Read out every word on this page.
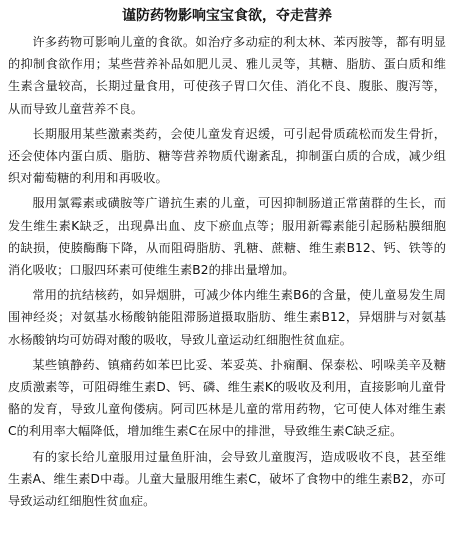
谨防药物影响宝宝食欲，夺走营养

许多药物可影响儿童的食欲。如治疗多动症的利太林、苯丙胺等，都有明显的抑制食欲作用；某些营养补品如肥儿灵、雅儿灵等，其糖、脂肪、蛋白质和维生素含量较高，长期过量食用，可使孩子胃口欠佳、消化不良、腹胀、腹泻等，从而导致儿童营养不良。

长期服用某些激素类药，会使儿童发育迟缓，可引起骨质疏松而发生骨折，还会使体内蛋白质、脂肪、糖等营养物质代谢紊乱，抑制蛋白质的合成，减少组织对葡萄糖的利用和再吸收。

服用氯霉素或磺胺等广谱抗生素的儿童，可因抑制肠道正常菌群的生长，而发生维生素K缺乏，出现鼻出血、皮下瘀血点等；服用新霉素能引起肠粘膜细胞的缺损，使腠酶酶下降，从而阻碍脂肪、乳糖、蔗糖、维生素B12、钙、铁等的消化吸收；口服四环素可使维生素B2的排出量增加。

常用的抗结核药，如异烟肼，可减少体内维生素B6的含量，使儿童易发生周围神经炎；对氨基水杨酸钠能阻滞肠道摄取脂肪、维生素B12，异烟肼与对氨基水杨酸钠均可妨碍对酸的吸收，导致儿童运动红细胞性贫血症。

某些镇静药、镇痛药如苯巴比妥、苯妥英、扑痫酮、保泰松、吲哚美辛及糖皮质激素等，可阻碍维生素D、钙、磷、维生素K的吸收及利用，直接影响儿童骨骼的发育，导致儿童佝偻病。阿司匹林是儿童的常用药物，它可使人体对维生素C的利用率大幅降低，增加维生素C在尿中的排泄，导致维生素C缺乏症。

有的家长给儿童服用过量鱼肝油，会导致儿童腹泻，造成吸收不良，甚至维生素A、维生素D中毒。儿童大量服用维生素C，破坏了食物中的维生素B2，亦可导致运动红细胞性贫血症。
